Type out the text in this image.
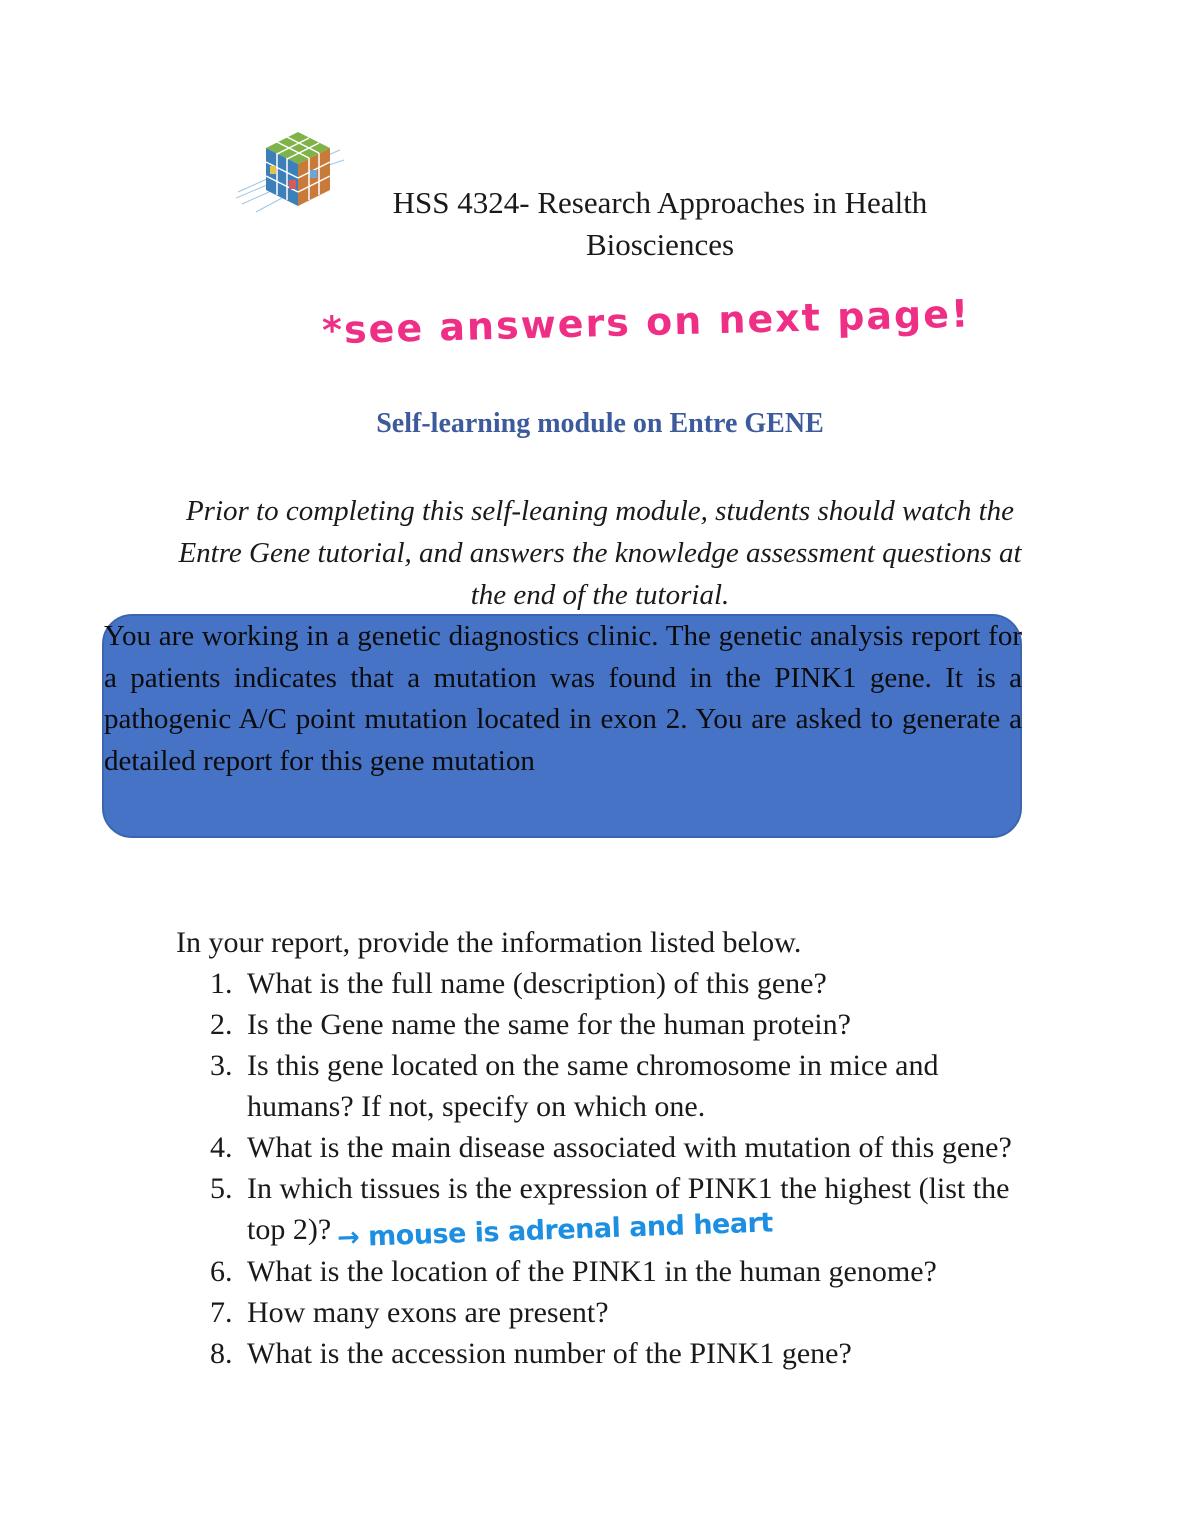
HSS 4324- Research Approaches in Health
Biosciences
*see answers on next page!
Self-learning module on Entre GENE
Prior to completing this self-leaning module, students should watch the Entre Gene tutorial, and answers the knowledge assessment questions at the end of the tutorial.
You are working in a genetic diagnostics clinic. The genetic analysis report for a patients indicates that a mutation was found in the PINK1 gene. It is a pathogenic A/C point mutation located in exon 2. You are asked to generate a detailed report for this gene mutation
In your report, provide the information listed below.
1. What is the full name (description) of this gene?
2. Is the Gene name the same for the human protein?
3. Is this gene located on the same chromosome in mice and humans? If not, specify on which one.
4. What is the main disease associated with mutation of this gene?
5. In which tissues is the expression of PINK1 the highest (list the top 2)? → mouse is adrenal and heart
6. What is the location of the PINK1 in the human genome?
7. How many exons are present?
8. What is the accession number of the PINK1 gene?
